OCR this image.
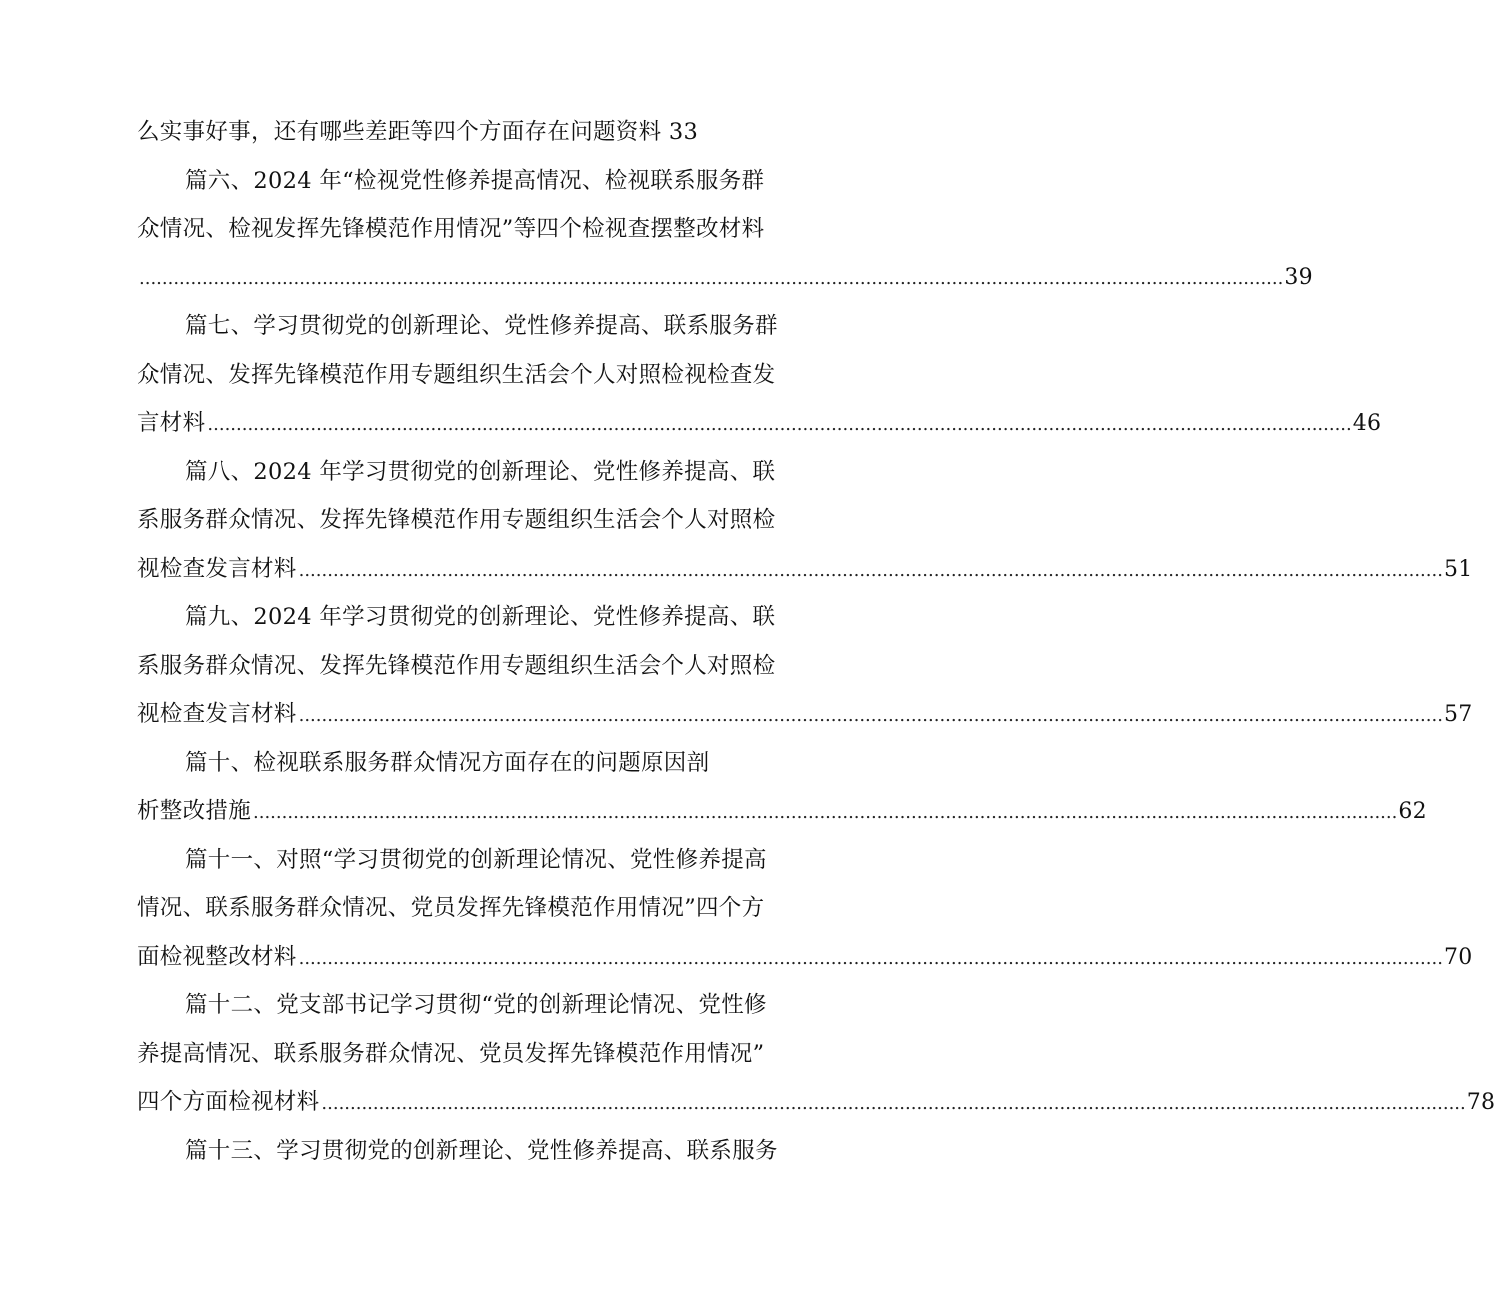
么实事好事，还有哪些差距等四个方面存在问题资料 33
篇六、2024 年“检视党性修养提高情况、检视联系服务群
众情况、检视发挥先锋模范作用情况”等四个检视查摆整改材料
........................................................................................................................................................................................................ 39
篇七、学习贯彻党的创新理论、党性修养提高、联系服务群
众情况、发挥先锋模范作用专题组织生活会个人对照检视检查发
言材料 ........................................................................................................................................................................................................ 46
篇八、2024 年学习贯彻党的创新理论、党性修养提高、联
系服务群众情况、发挥先锋模范作用专题组织生活会个人对照检
视检查发言材料 ........................................................................................................................................................................................................ 51
篇九、2024 年学习贯彻党的创新理论、党性修养提高、联
系服务群众情况、发挥先锋模范作用专题组织生活会个人对照检
视检查发言材料 ........................................................................................................................................................................................................ 57
篇十、检视联系服务群众情况方面存在的问题原因剖
析整改措施 ........................................................................................................................................................................................................ 62
篇十一、对照“学习贯彻党的创新理论情况、党性修养提高
情况、联系服务群众情况、党员发挥先锋模范作用情况”四个方
面检视整改材料 ........................................................................................................................................................................................................ 70
篇十二、党支部书记学习贯彻“党的创新理论情况、党性修
养提高情况、联系服务群众情况、党员发挥先锋模范作用情况”
四个方面检视材料 ........................................................................................................................................................................................................ 78
篇十三、学习贯彻党的创新理论、党性修养提高、联系服务
